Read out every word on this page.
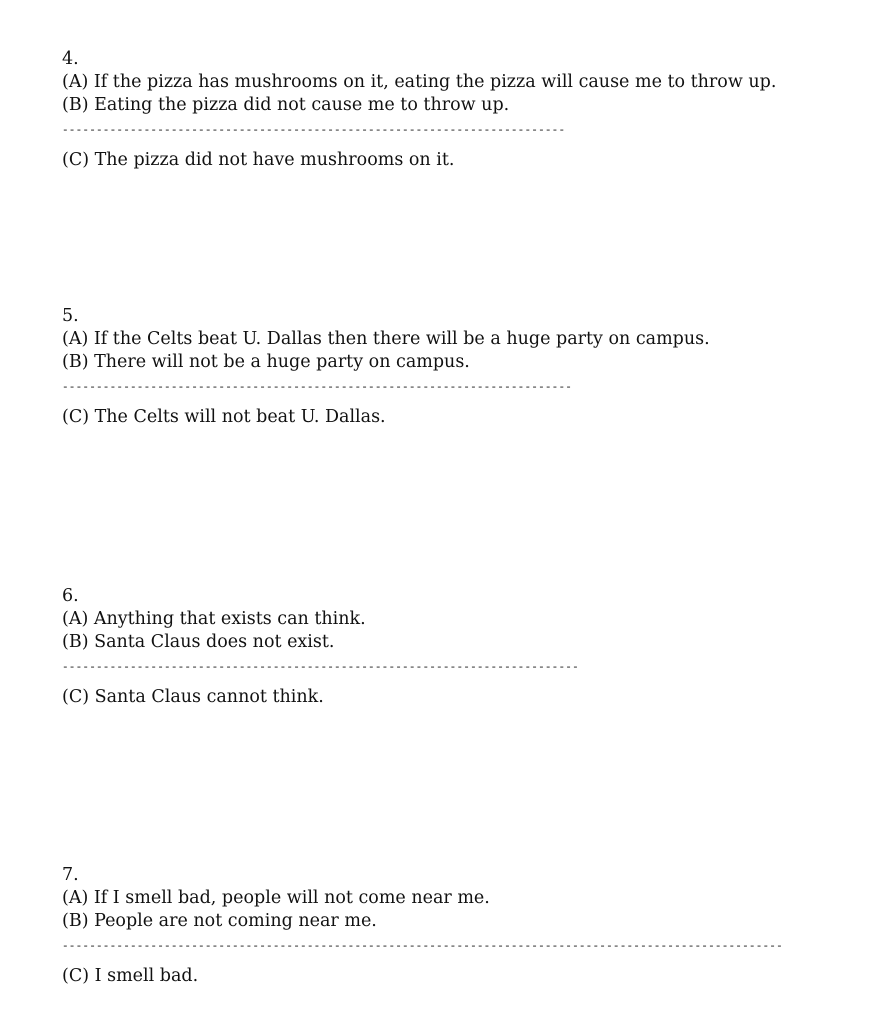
4.
(A) If the pizza has mushrooms on it, eating the pizza will cause me to throw up.
(B) Eating the pizza did not cause me to throw up.
--------------------------------------------------------------------------
(C) The pizza did not have mushrooms on it.
5.
(A) If the Celts beat U. Dallas then there will be a huge party on campus.
(B) There will not be a huge party on campus.
---------------------------------------------------------------------------
(C) The Celts will not beat U. Dallas.
6.
(A) Anything that exists can think.
(B) Santa Claus does not exist.
----------------------------------------------------------------------------
(C) Santa Claus cannot think.
7.
(A) If I smell bad, people will not come near me.
(B) People are not coming near me.
----------------------------------------------------------------------------------------------------------
(C) I smell bad.
